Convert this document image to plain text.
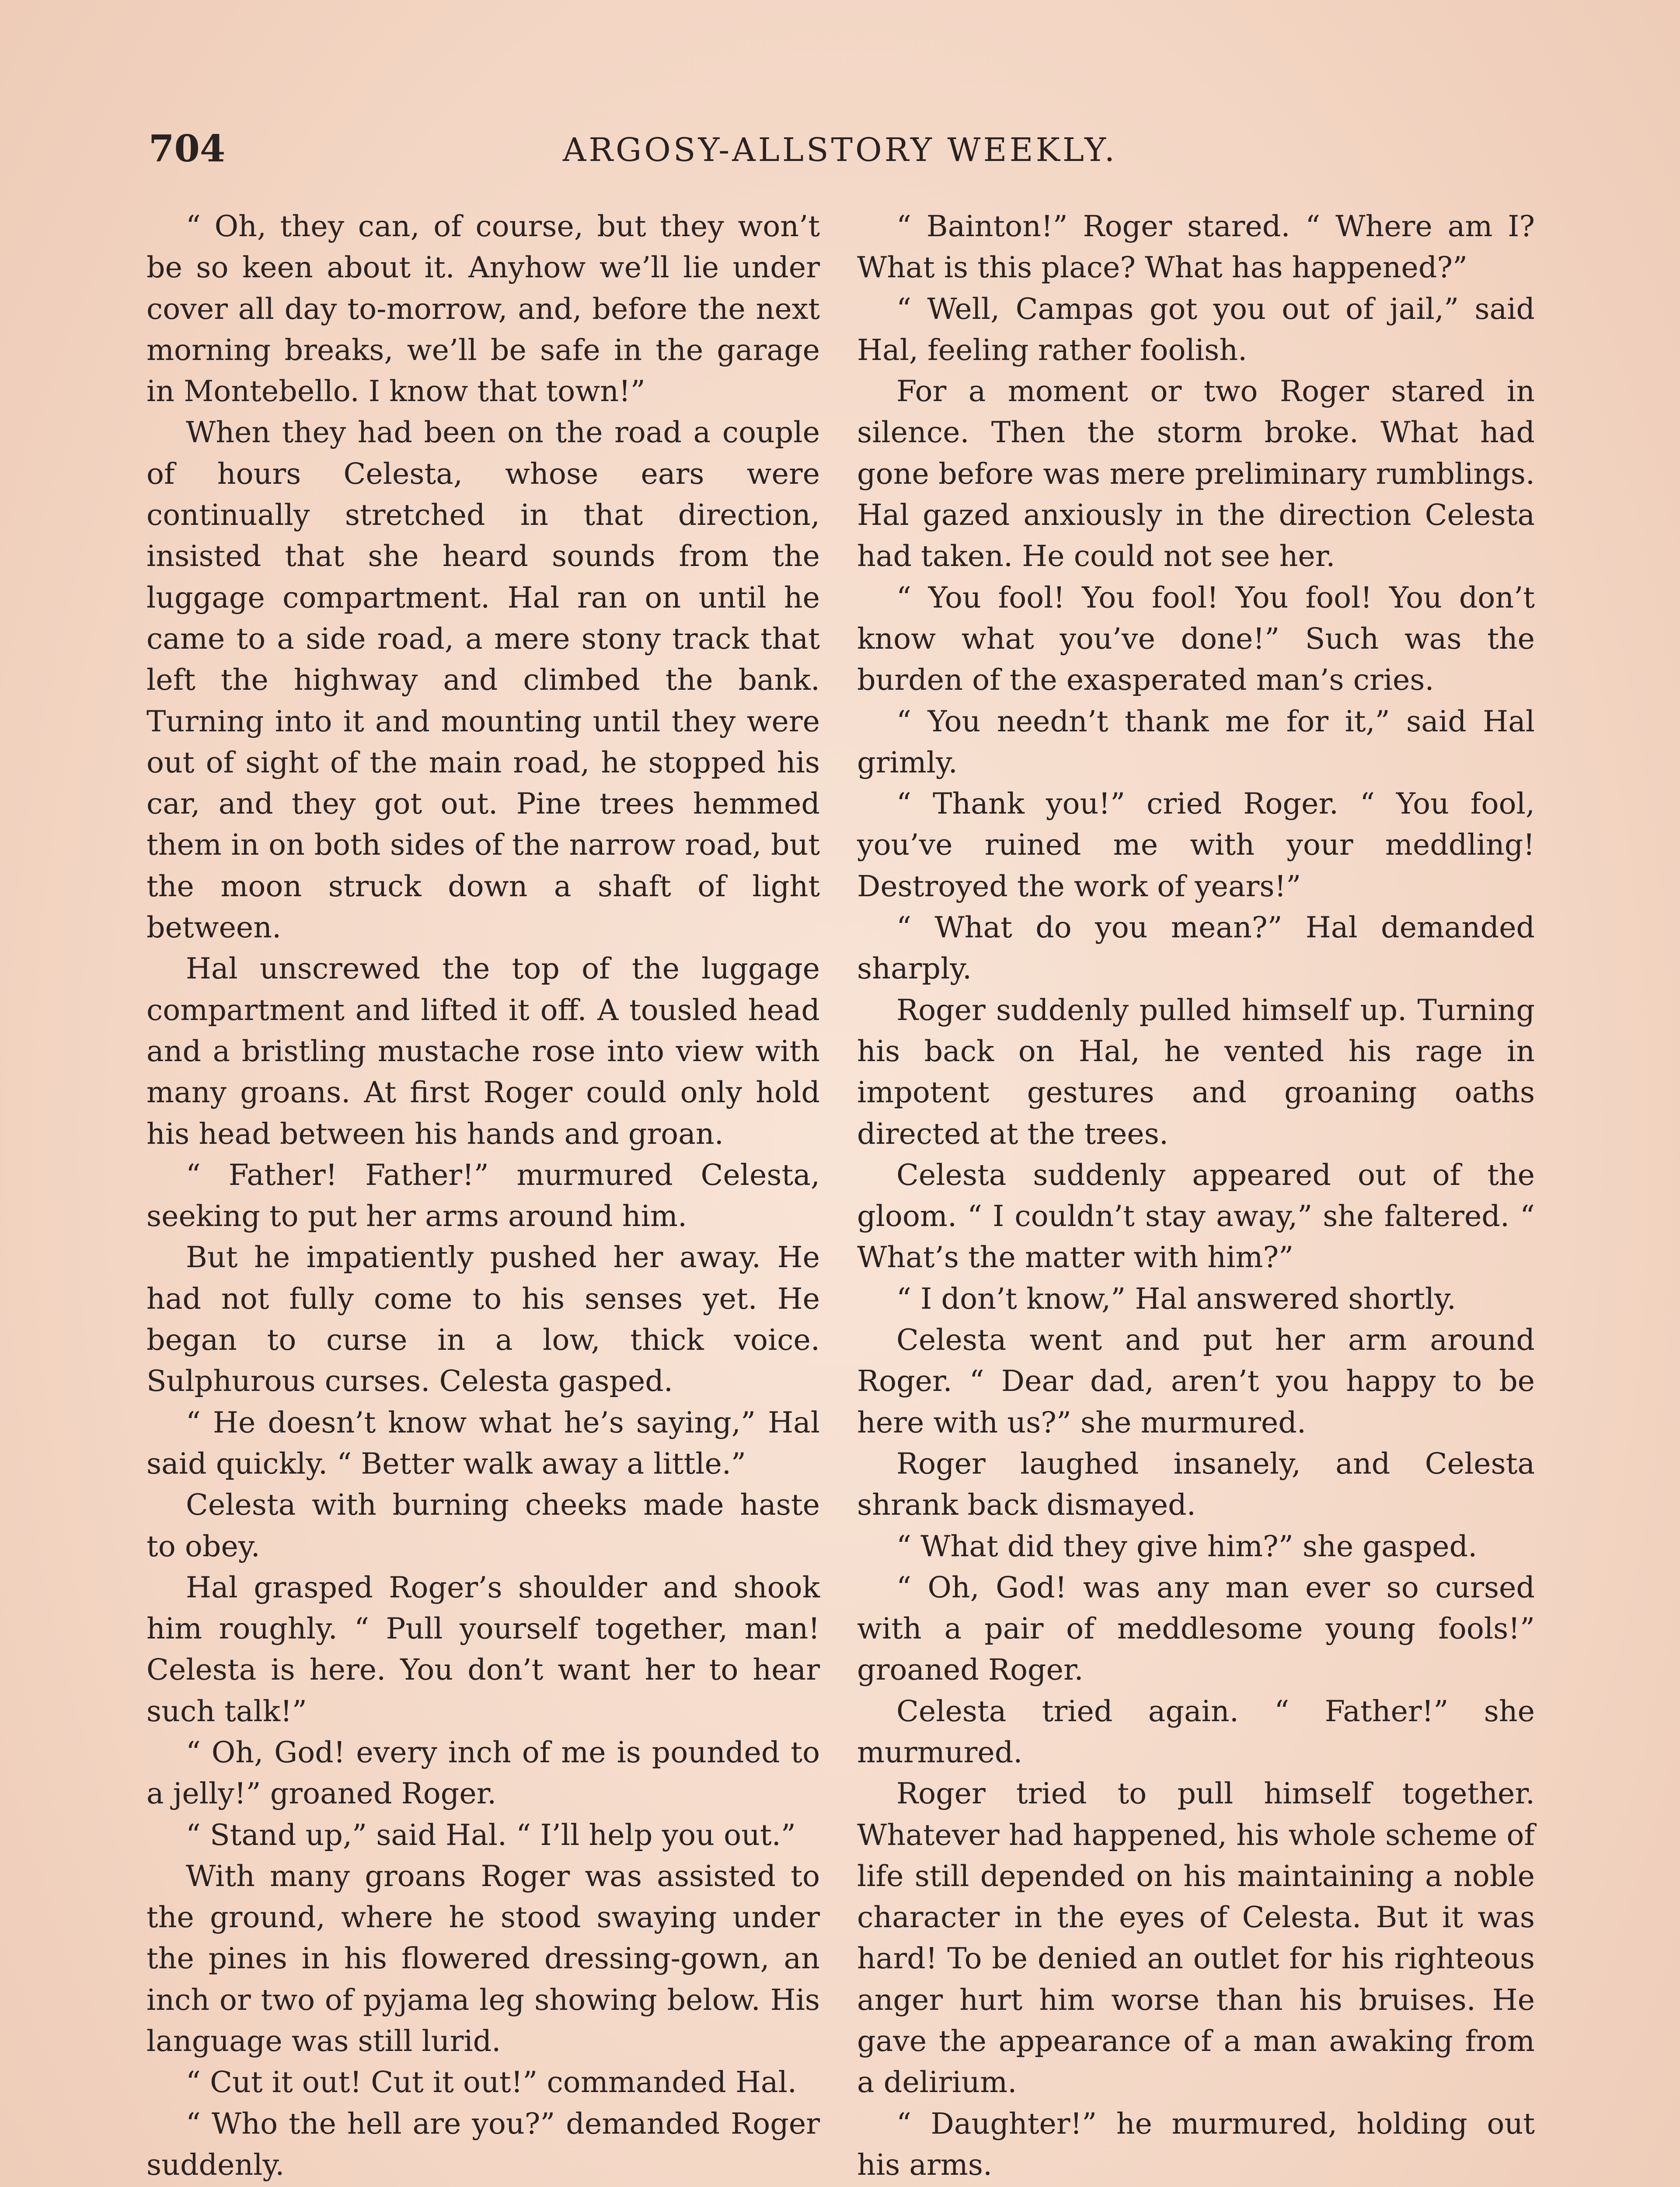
704	ARGOSY-ALLSTORY WEEKLY.

“ Oh, they can, of course, but they won’t be so keen about it. Anyhow we’ll lie under cover all day to-morrow, and, before the next morning breaks, we’ll be safe in the garage in Montebello. I know that town!”

When they had been on the road a couple of hours Celesta, whose ears were continually stretched in that direction, insisted that she heard sounds from the luggage compartment. Hal ran on until he came to a side road, a mere stony track that left the highway and climbed the bank. Turning into it and mounting until they were out of sight of the main road, he stopped his car, and they got out. Pine trees hemmed them in on both sides of the narrow road, but the moon struck down a shaft of light between.

Hal unscrewed the top of the luggage compartment and lifted it off. A tousled head and a bristling mustache rose into view with many groans. At first Roger could only hold his head between his hands and groan.

“ Father! Father!” murmured Celesta, seeking to put her arms around him.

But he impatiently pushed her away. He had not fully come to his senses yet. He began to curse in a low, thick voice. Sulphurous curses. Celesta gasped.

“ He doesn’t know what he’s saying,” Hal said quickly. “ Better walk away a little.”

Celesta with burning cheeks made haste to obey.

Hal grasped Roger’s shoulder and shook him roughly. “ Pull yourself together, man! Celesta is here. You don’t want her to hear such talk!”

“ Oh, God! every inch of me is pounded to a jelly!” groaned Roger.

“ Stand up,” said Hal. “ I’ll help you out.”

With many groans Roger was assisted to the ground, where he stood swaying under the pines in his flowered dressing-gown, an inch or two of pyjama leg showing below. His language was still lurid.

“ Cut it out! Cut it out!” commanded Hal.

“ Who the hell are you?” demanded Roger suddenly.

“ Bainton!” Roger stared. “ Where am I? What is this place? What has happened?”

“ Well, Campas got you out of jail,” said Hal, feeling rather foolish.

For a moment or two Roger stared in silence. Then the storm broke. What had gone before was mere preliminary rumblings. Hal gazed anxiously in the direction Celesta had taken. He could not see her.

“ You fool! You fool! You fool! You don’t know what you’ve done!” Such was the burden of the exasperated man’s cries.

“ You needn’t thank me for it,” said Hal grimly.

“ Thank you!” cried Roger. “ You fool, you’ve ruined me with your meddling! Destroyed the work of years!”

“ What do you mean?” Hal demanded sharply.

Roger suddenly pulled himself up. Turning his back on Hal, he vented his rage in impotent gestures and groaning oaths directed at the trees.

Celesta suddenly appeared out of the gloom. “ I couldn’t stay away,” she faltered. “ What’s the matter with him?”

“ I don’t know,” Hal answered shortly.

Celesta went and put her arm around Roger. “ Dear dad, aren’t you happy to be here with us?” she murmured.

Roger laughed insanely, and Celesta shrank back dismayed.

“ What did they give him?” she gasped.

“ Oh, God! was any man ever so cursed with a pair of meddlesome young fools!” groaned Roger.

Celesta tried again. “ Father!” she murmured.

Roger tried to pull himself together. Whatever had happened, his whole scheme of life still depended on his maintaining a noble character in the eyes of Celesta. But it was hard! To be denied an outlet for his righteous anger hurt him worse than his bruises. He gave the appearance of a man awaking from a delirium.

“ Daughter!” he murmured, holding out his arms.
